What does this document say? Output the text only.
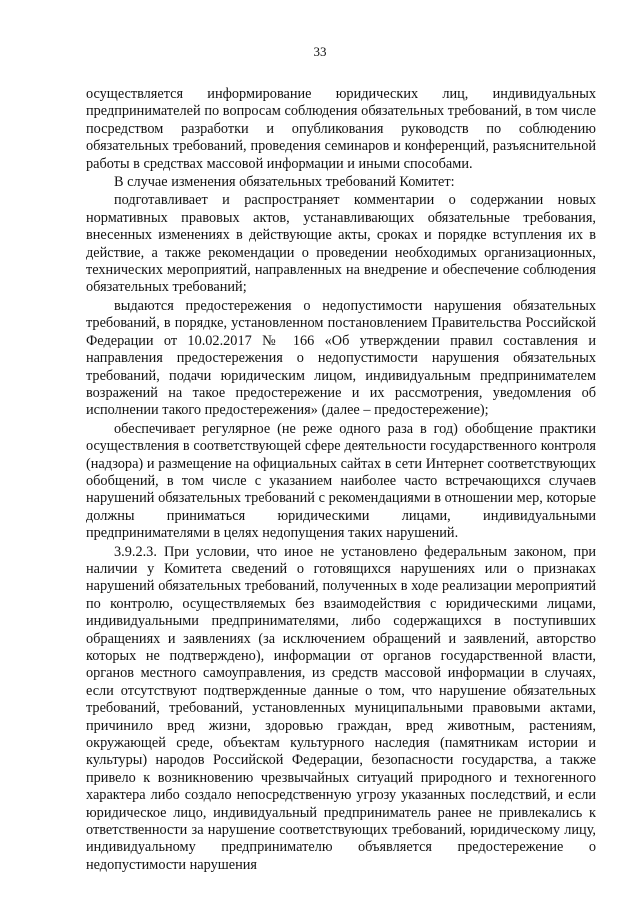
33

осуществляется информирование юридических лиц, индивидуальных предпринимателей по вопросам соблюдения обязательных требований, в том числе посредством разработки и опубликования руководств по соблюдению обязательных требований, проведения семинаров и конференций, разъяснительной работы в средствах массовой информации и иными способами.

В случае изменения обязательных требований Комитет:

подготавливает и распространяет комментарии о содержании новых нормативных правовых актов, устанавливающих обязательные требования, внесенных изменениях в действующие акты, сроках и порядке вступления их в действие, а также рекомендации о проведении необходимых организационных, технических мероприятий, направленных на внедрение и обеспечение соблюдения обязательных требований;

выдаются предостережения о недопустимости нарушения обязательных требований, в порядке, установленном постановлением Правительства Российской Федерации от 10.02.2017 № 166 «Об утверждении правил составления и направления предостережения о недопустимости нарушения обязательных требований, подачи юридическим лицом, индивидуальным предпринимателем возражений на такое предостережение и их рассмотрения, уведомления об исполнении такого предостережения» (далее – предостережение);

обеспечивает регулярное (не реже одного раза в год) обобщение практики осуществления в соответствующей сфере деятельности государственного контроля (надзора) и размещение на официальных сайтах в сети Интернет соответствующих обобщений, в том числе с указанием наиболее часто встречающихся случаев нарушений обязательных требований с рекомендациями в отношении мер, которые должны приниматься юридическими лицами, индивидуальными предпринимателями в целях недопущения таких нарушений.

3.9.2.3. При условии, что иное не установлено федеральным законом, при наличии у Комитета сведений о готовящихся нарушениях или о признаках нарушений обязательных требований, полученных в ходе реализации мероприятий по контролю, осуществляемых без взаимодействия с юридическими лицами, индивидуальными предпринимателями, либо содержащихся в поступивших обращениях и заявлениях (за исключением обращений и заявлений, авторство которых не подтверждено), информации от органов государственной власти, органов местного самоуправления, из средств массовой информации в случаях, если отсутствуют подтвержденные данные о том, что нарушение обязательных требований, требований, установленных муниципальными правовыми актами, причинило вред жизни, здоровью граждан, вред животным, растениям, окружающей среде, объектам культурного наследия (памятникам истории и культуры) народов Российской Федерации, безопасности государства, а также привело к возникновению чрезвычайных ситуаций природного и техногенного характера либо создало непосредственную угрозу указанных последствий, и если юридическое лицо, индивидуальный предприниматель ранее не привлекались к ответственности за нарушение соответствующих требований, юридическому лицу, индивидуальному предпринимателю объявляется предостережение о недопустимости нарушения
